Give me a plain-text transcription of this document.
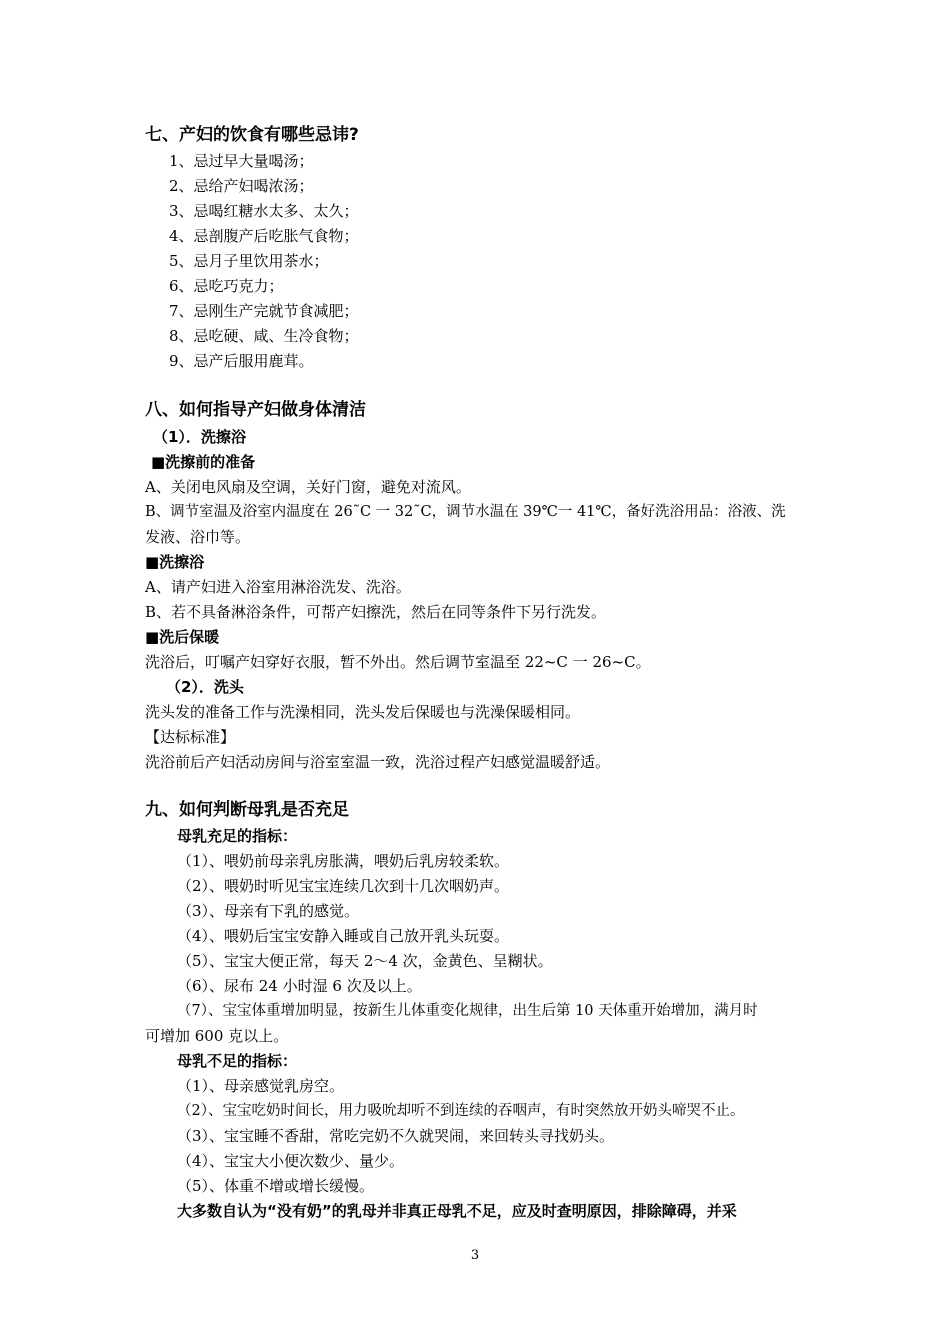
七、产妇的饮食有哪些忌讳?
1、忌过早大量喝汤；
2、忌给产妇喝浓汤；
3、忌喝红糖水太多、太久；
4、忌剖腹产后吃胀气食物；
5、忌月子里饮用茶水；
6、忌吃巧克力；
7、忌刚生产完就节食减肥；
8、忌吃硬、咸、生冷食物；
9、忌产后服用鹿茸。
八、如何指导产妇做身体清洁
（1）．洗擦浴
■洗擦前的准备
A、关闭电风扇及空调，关好门窗，避免对流风。
B、调节室温及浴室内温度在 26˜C 一 32˜C，调节水温在 39℃一 41℃，备好洗浴用品：浴液、洗
发液、浴巾等。
■洗擦浴
A、请产妇进入浴室用淋浴洗发、洗浴。
B、若不具备淋浴条件，可帮产妇擦洗，然后在同等条件下另行洗发。
■洗后保暖
洗浴后，叮嘱产妇穿好衣服，暂不外出。然后调节室温至 22~C 一 26~C。
（2）．洗头
洗头发的准备工作与洗澡相同，洗头发后保暖也与洗澡保暖相同。
【达标标准】
洗浴前后产妇活动房间与浴室室温一致，洗浴过程产妇感觉温暖舒适。
九、如何判断母乳是否充足
母乳充足的指标：
（1）、喂奶前母亲乳房胀满，喂奶后乳房较柔软。
（2）、喂奶时听见宝宝连续几次到十几次咽奶声。
（3）、母亲有下乳的感觉。
（4）、喂奶后宝宝安静入睡或自己放开乳头玩耍。
（5）、宝宝大便正常，每天 2～4 次，金黄色、呈糊状。
（6）、尿布 24 小时湿 6 次及以上。
（7）、宝宝体重增加明显，按新生儿体重变化规律，出生后第 10 天体重开始增加，满月时
可增加 600 克以上。
母乳不足的指标：
（1）、母亲感觉乳房空。
（2）、宝宝吃奶时间长，用力吸吮却听不到连续的吞咽声，有时突然放开奶头啼哭不止。
（3）、宝宝睡不香甜，常吃完奶不久就哭闹，来回转头寻找奶头。
（4）、宝宝大小便次数少、量少。
（5）、体重不增或增长缓慢。
大多数自认为“没有奶”的乳母并非真正母乳不足，应及时查明原因，排除障碍，并采
3
